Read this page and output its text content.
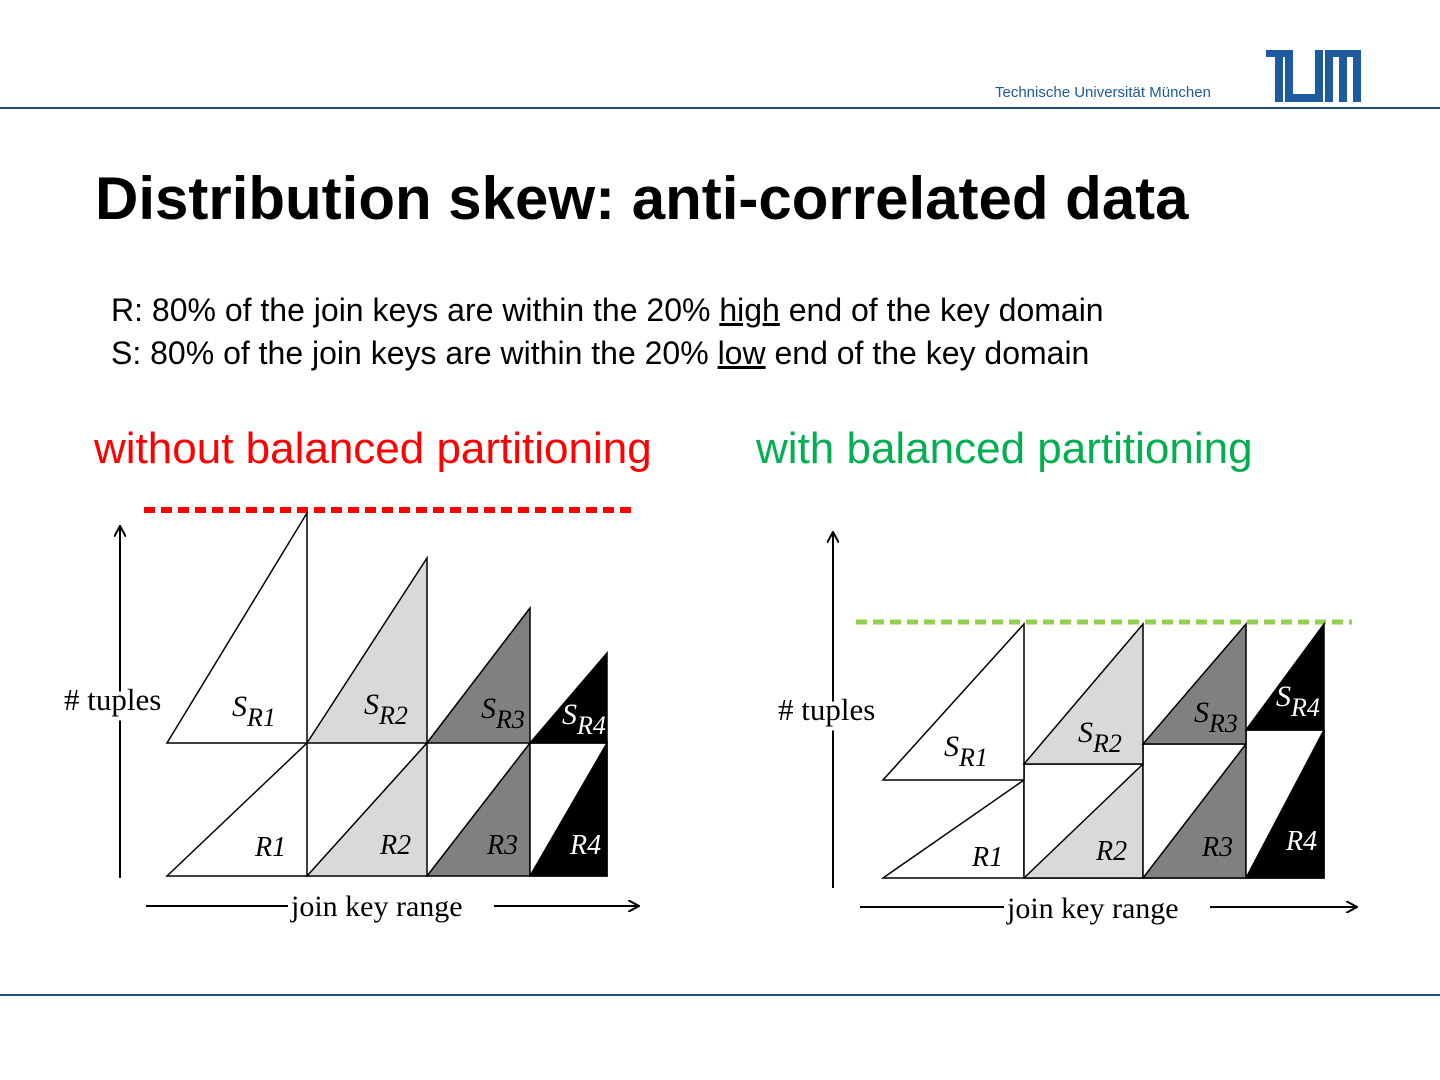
Technische Universität München
Distribution skew: anti-correlated data
R: 80% of the join keys are within the 20% high end of the key domain
S: 80% of the join keys are within the 20% low end of the key domain
without balanced partitioning with balanced partitioning
# tuples
join key range
SR1	SR2 SR3 SR4
R1	R2	R3 R4
# tuples
join key range
SR1
SR2
SR3
SR4
R1	R2	R3 R4
